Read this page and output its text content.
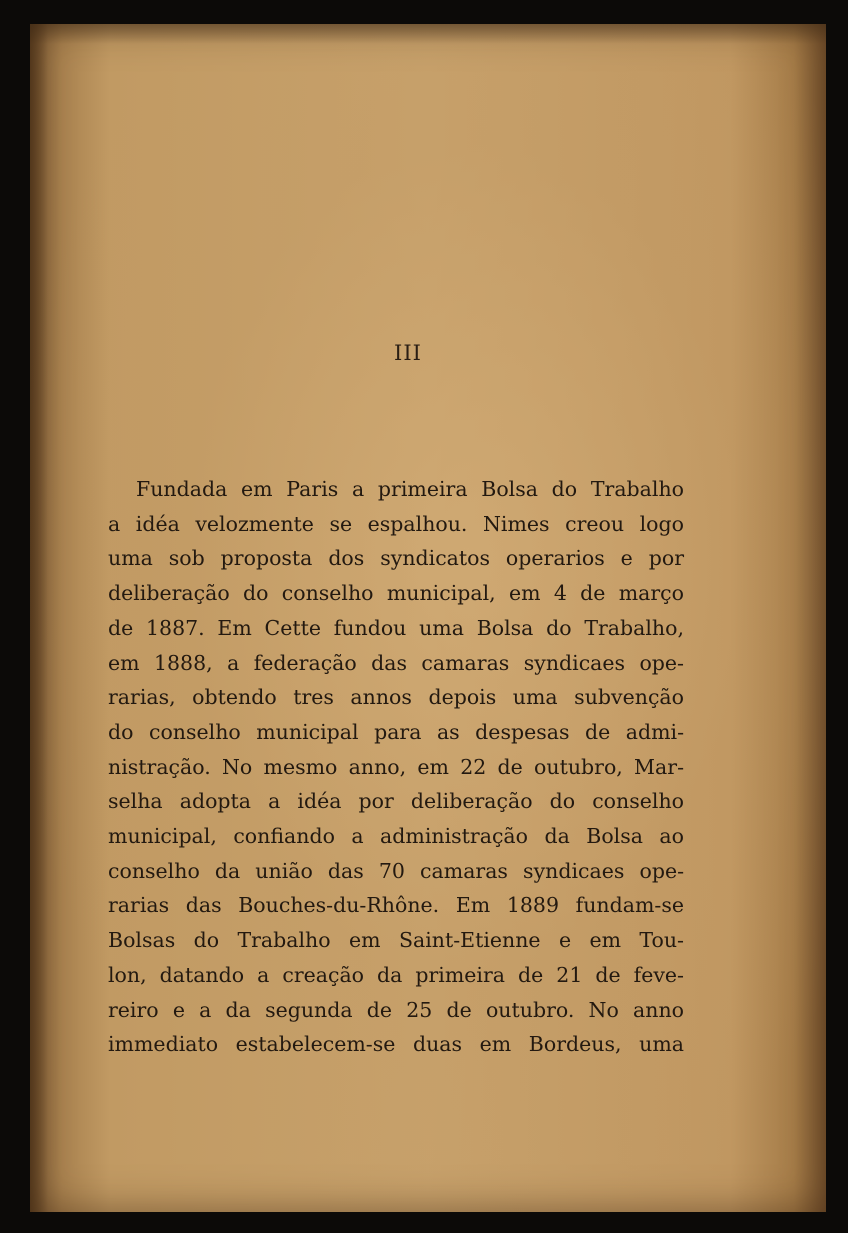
III
Fundada em Paris a primeira Bolsa do Trabalho
a idéa velozmente se espalhou. Nimes creou logo
uma sob proposta dos syndicatos operarios e por
deliberação do conselho municipal, em 4 de março
de 1887. Em Cette fundou uma Bolsa do Trabalho,
em 1888, a federação das camaras syndicaes ope-
rarias, obtendo tres annos depois uma subvenção
do conselho municipal para as despesas de admi-
nistração. No mesmo anno, em 22 de outubro, Mar-
selha adopta a idéa por deliberação do conselho
municipal, confiando a administração da Bolsa ao
conselho da união das 70 camaras syndicaes ope-
rarias das Bouches-du-Rhône. Em 1889 fundam-se
Bolsas do Trabalho em Saint-Etienne e em Tou-
lon, datando a creação da primeira de 21 de feve-
reiro e a da segunda de 25 de outubro. No anno
immediato estabelecem-se duas em Bordeus, uma
